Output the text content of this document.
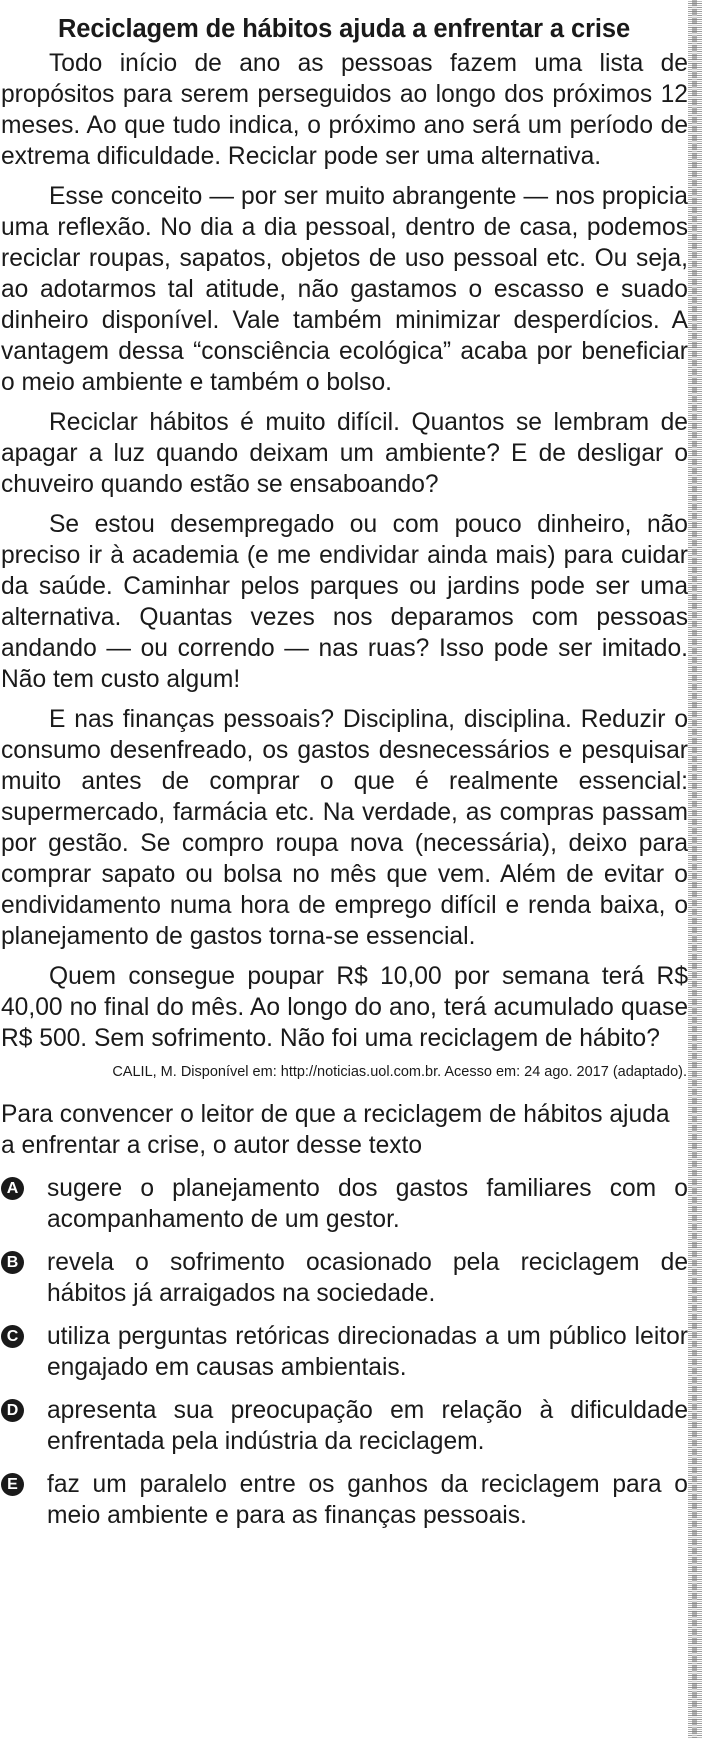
Reciclagem de hábitos ajuda a enfrentar a crise

Todo início de ano as pessoas fazem uma lista de propósitos para serem perseguidos ao longo dos próximos 12 meses. Ao que tudo indica, o próximo ano será um período de extrema dificuldade. Reciclar pode ser uma alternativa.

Esse conceito — por ser muito abrangente — nos propicia uma reflexão. No dia a dia pessoal, dentro de casa, podemos reciclar roupas, sapatos, objetos de uso pessoal etc. Ou seja, ao adotarmos tal atitude, não gastamos o escasso e suado dinheiro disponível. Vale também minimizar desperdícios. A vantagem dessa “consciência ecológica” acaba por beneficiar o meio ambiente e também o bolso.

Reciclar hábitos é muito difícil. Quantos se lembram de apagar a luz quando deixam um ambiente? E de desligar o chuveiro quando estão se ensaboando?

Se estou desempregado ou com pouco dinheiro, não preciso ir à academia (e me endividar ainda mais) para cuidar da saúde. Caminhar pelos parques ou jardins pode ser uma alternativa. Quantas vezes nos deparamos com pessoas andando — ou correndo — nas ruas? Isso pode ser imitado. Não tem custo algum!

E nas finanças pessoais? Disciplina, disciplina. Reduzir o consumo desenfreado, os gastos desnecessários e pesquisar muito antes de comprar o que é realmente essencial: supermercado, farmácia etc. Na verdade, as compras passam por gestão. Se compro roupa nova (necessária), deixo para comprar sapato ou bolsa no mês que vem. Além de evitar o endividamento numa hora de emprego difícil e renda baixa, o planejamento de gastos torna-se essencial.

Quem consegue poupar R$ 10,00 por semana terá R$ 40,00 no final do mês. Ao longo do ano, terá acumulado quase R$ 500. Sem sofrimento. Não foi uma reciclagem de hábito?

CALIL, M. Disponível em: http://noticias.uol.com.br. Acesso em: 24 ago. 2017 (adaptado).

Para convencer o leitor de que a reciclagem de hábitos ajuda a enfrentar a crise, o autor desse texto

A sugere o planejamento dos gastos familiares com o acompanhamento de um gestor.
B revela o sofrimento ocasionado pela reciclagem de hábitos já arraigados na sociedade.
C utiliza perguntas retóricas direcionadas a um público leitor engajado em causas ambientais.
D apresenta sua preocupação em relação à dificuldade enfrentada pela indústria da reciclagem.
E faz um paralelo entre os ganhos da reciclagem para o meio ambiente e para as finanças pessoais.
